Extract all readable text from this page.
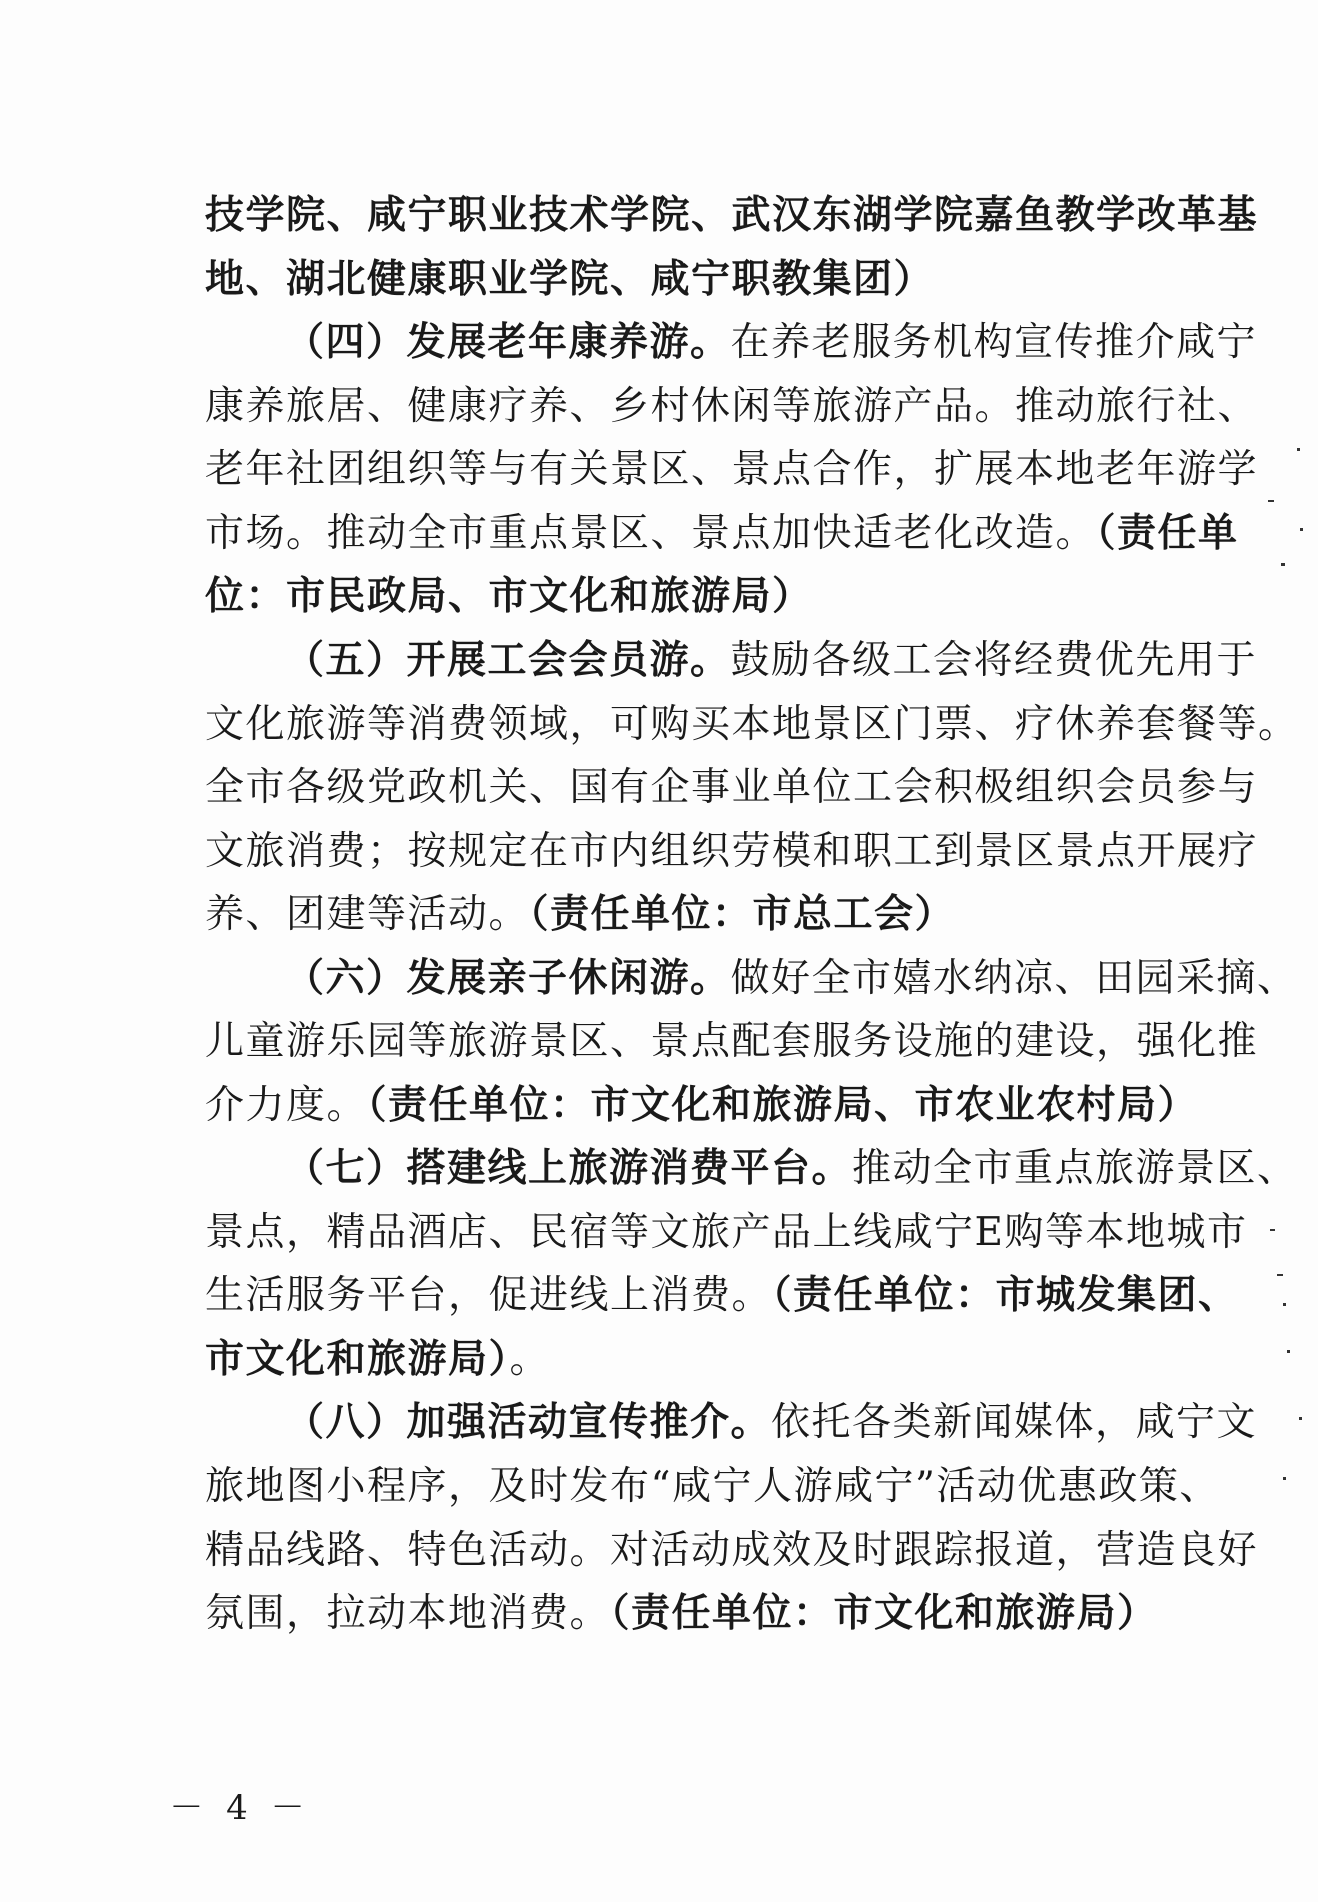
技学院、咸宁职业技术学院、武汉东湖学院嘉鱼教学改革基
地、湖北健康职业学院、咸宁职教集团）
（四）发展老年康养游。在养老服务机构宣传推介咸宁
康养旅居、健康疗养、乡村休闲等旅游产品。推动旅行社、
老年社团组织等与有关景区、景点合作，扩展本地老年游学
市场。推动全市重点景区、景点加快适老化改造。（责任单
位：市民政局、市文化和旅游局）
（五）开展工会会员游。鼓励各级工会将经费优先用于
文化旅游等消费领域，可购买本地景区门票、疗休养套餐等。
全市各级党政机关、国有企事业单位工会积极组织会员参与
文旅消费；按规定在市内组织劳模和职工到景区景点开展疗
养、团建等活动。（责任单位：市总工会）
（六）发展亲子休闲游。做好全市嬉水纳凉、田园采摘、
儿童游乐园等旅游景区、景点配套服务设施的建设，强化推
介力度。（责任单位：市文化和旅游局、市农业农村局）
（七）搭建线上旅游消费平台。推动全市重点旅游景区、
景点，精品酒店、民宿等文旅产品上线咸宁E购等本地城市
生活服务平台，促进线上消费。（责任单位：市城发集团、
市文化和旅游局）。
（八）加强活动宣传推介。依托各类新闻媒体，咸宁文
旅地图小程序，及时发布“咸宁人游咸宁”活动优惠政策、
精品线路、特色活动。对活动成效及时跟踪报道，营造良好
氛围，拉动本地消费。（责任单位：市文化和旅游局）
－ 4 －
